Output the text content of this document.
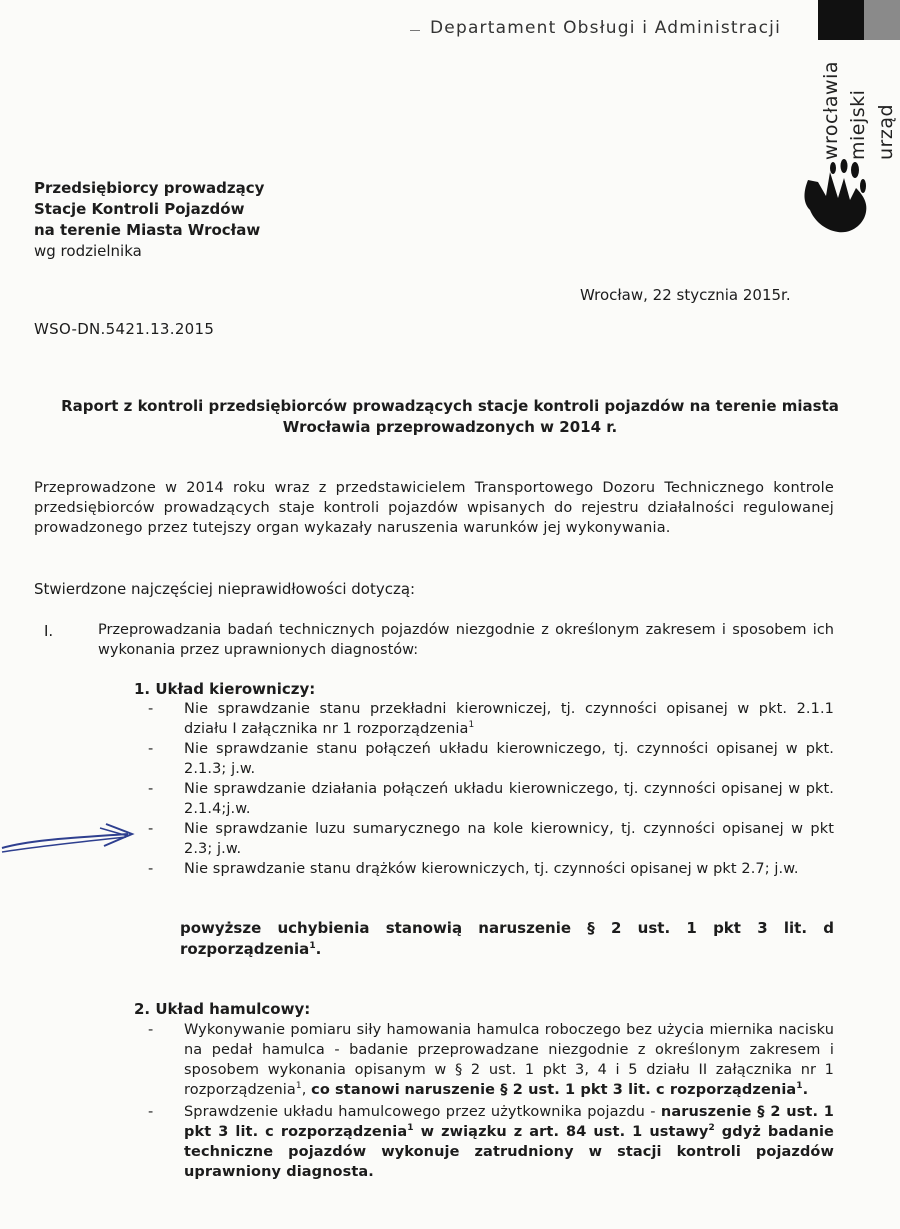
Departament Obsługi i Administracji
urząd
miejski
wrocławia
Przedsiębiorcy prowadzący
Stacje Kontroli Pojazdów
na terenie Miasta Wrocław
wg rodzielnika
Wrocław, 22 stycznia 2015r.
WSO-DN.5421.13.2015
Raport z kontroli przedsiębiorców prowadzących stacje kontroli pojazdów na terenie miasta Wrocławia przeprowadzonych w 2014 r.
Przeprowadzone w 2014 roku wraz z przedstawicielem Transportowego Dozoru Technicznego kontrole przedsiębiorców prowadzących staje kontroli pojazdów wpisanych do rejestru działalności regulowanej prowadzonego przez tutejszy organ wykazały naruszenia warunków jej wykonywania.
Stwierdzone najczęściej nieprawidłowości dotyczą:
I.	Przeprowadzania badań technicznych pojazdów niezgodnie z określonym zakresem i sposobem ich wykonania przez uprawnionych diagnostów:
1. Układ kierowniczy:
- Nie sprawdzanie stanu przekładni kierowniczej, tj. czynności opisanej w pkt. 2.1.1 działu I załącznika nr 1 rozporządzenia$^1$
- Nie sprawdzanie stanu połączeń układu kierowniczego, tj. czynności opisanej w pkt. 2.1.3; j.w.
- Nie sprawdzanie działania połączeń układu kierowniczego, tj. czynności opisanej w pkt. 2.1.4;j.w.
- Nie sprawdzanie luzu sumarycznego na kole kierownicy, tj. czynności opisanej w pkt 2.3; j.w.
- Nie sprawdzanie stanu drążków kierowniczych, tj. czynności opisanej w pkt 2.7; j.w.
powyższe uchybienia stanowią naruszenie § 2 ust. 1 pkt 3 lit. d rozporządzenia$^1$.
2. Układ hamulcowy:
- Wykonywanie pomiaru siły hamowania hamulca roboczego bez użycia miernika nacisku na pedał hamulca - badanie przeprowadzane niezgodnie z określonym zakresem i sposobem wykonania opisanym w § 2 ust. 1 pkt 3, 4 i 5 działu II załącznika nr 1 rozporządzenia$^1$, co stanowi naruszenie § 2 ust. 1 pkt 3 lit. c rozporządzenia$^1$.
- Sprawdzenie układu hamulcowego przez użytkownika pojazdu - naruszenie § 2 ust. 1 pkt 3 lit. c rozporządzenia$^1$ w związku z art. 84 ust. 1 ustawy$^2$ gdyż badanie techniczne pojazdów wykonuje zatrudniony w stacji kontroli pojazdów uprawniony diagnosta.
